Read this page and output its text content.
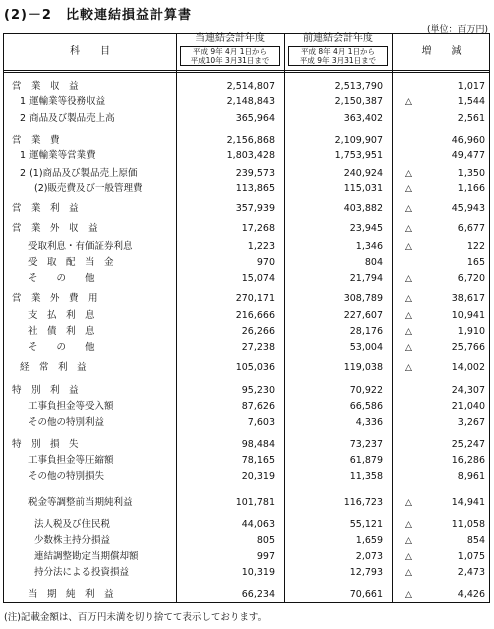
(2)－2　比較連結損益計算書
(単位：百万円)
科　　目
当連結会計年度
平成 9年 4月 1日から
平成10年 3月31日まで
前連結会計年度
平成 8年 4月 1日から
平成 9年 3月31日まで
増　　減
営　業　収　益	2,514,807	2,513,790	1,017
1 運輸業等役務収益	2,148,843	2,150,387 △	1,544
2 商品及び製品売上高	365,964	363,402	2,561
営　業　費	2,156,868	2,109,907	46,960
1 運輸業等営業費	1,803,428	1,753,951	49,477
2 (1)商品及び製品売上原価	239,573	240,924 △	1,350
(2)販売費及び一般管理費	113,865	115,031 △	1,166
営　業　利　益	357,939	403,882 △	45,943
営　業　外　収　益	17,268	23,945 △	6,677
受取利息・有価証券利息	1,223	1,346 △	122
受　取　配　当　金	970	804	165
そ　　の　　他	15,074	21,794 △	6,720
営　業　外　費　用	270,171	308,789 △	38,617
支　払　利　息	216,666	227,607 △	10,941
社　債　利　息	26,266	28,176 △	1,910
そ　　の　　他	27,238	53,004 △	25,766
経　常　利　益	105,036	119,038 △	14,002
特　別　利　益	95,230	70,922	24,307
工事負担金等受入額	87,626	66,586	21,040
その他の特別利益	7,603	4,336	3,267
特　別　損　失	98,484	73,237	25,247
工事負担金等圧縮額	78,165	61,879	16,286
その他の特別損失	20,319	11,358	8,961
税金等調整前当期純利益	101,781	116,723 △	14,941
法人税及び住民税	44,063	55,121 △	11,058
少数株主持分損益	805	1,659 △	854
連結調整勘定当期償却額	997	2,073 △	1,075
持分法による投資損益	10,319	12,793 △	2,473
当　期　純　利　益	66,234	70,661 △	4,426
(注)記載金額は、百万円未満を切り捨てて表示しております。
